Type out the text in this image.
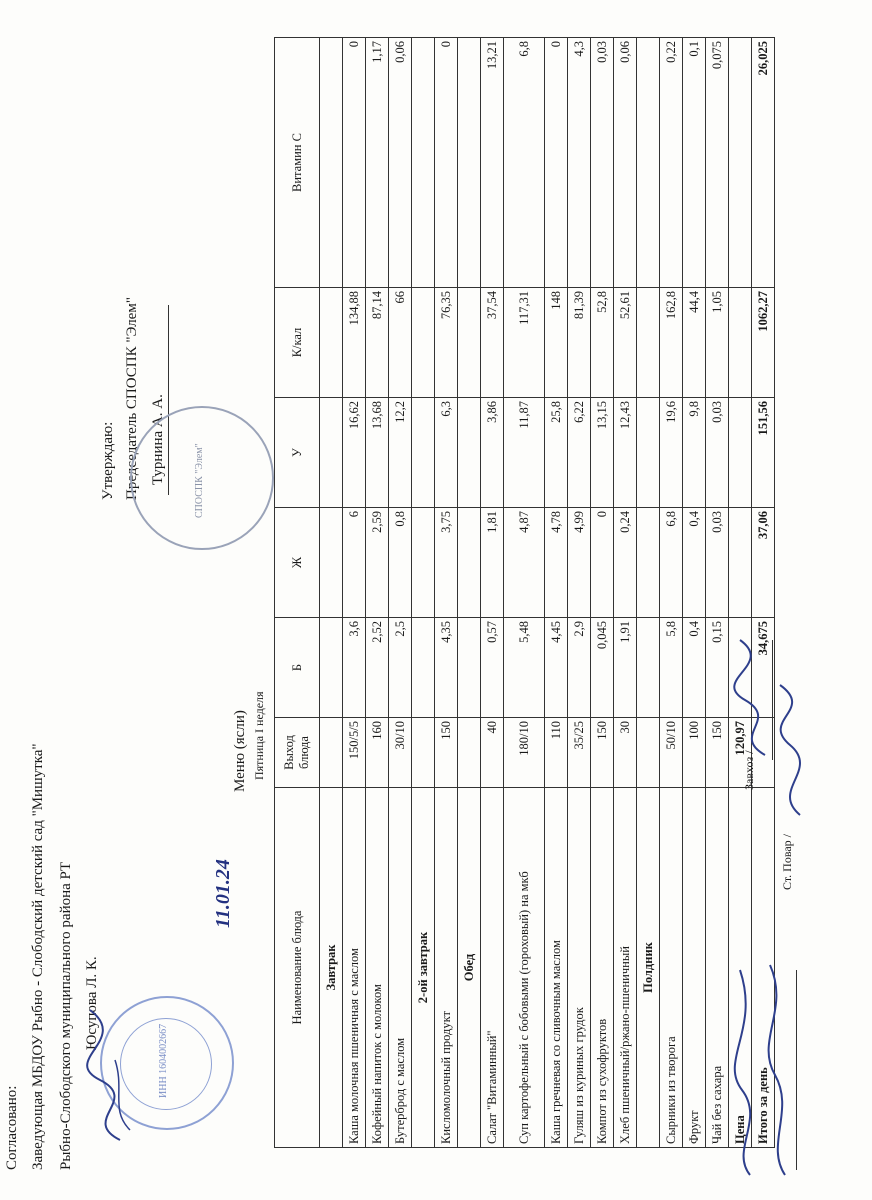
Согласовано: Заведующая МБДОУ Рыбно - Слободский детский сад "Мишутка" Рыбно-Слободского муниципального района РТ Юсупова Л. К.
ИНН 1604002667
Меню (ясли) Пятница I неделя
11.01.24
Утверждаю: Председатель СПОСПК "Элем" Турнина А. А.	СПОСПК "Элем"
Наименование блюда	Выход блюда	Б	Ж	У	К/кал	Витамин С
Завтрак						
Каша молочная пшеничная с маслом	150/5/5	3,6	6	16,62	134,88	0
Кофейный напиток с молоком	160	2,52	2,59	13,68	87,14	1,17
Бутерброд с маслом	30/10	2,5	0,8	12,2	66	0,06
2-ой завтрак						
Кисломолочный продукт	150	4,35	3,75	6,3	76,35	0
Обед						
Салат "Витаминный"	40	0,57	1,81	3,86	37,54	13,21
Суп картофельный с бобовыми (гороховый) на мкб	180/10	5,48	4,87	11,87	117,31	6,8
Каша гречневая со сливочным маслом	110	4,45	4,78	25,8	148	0
Гуляш из куриных грудок	35/25	2,9	4,99	6,22	81,39	4,3
Компот из сухофруктов	150	0,045	0	13,15	52,8	0,03
Хлеб пшеничный/ржано-пшеничный	30	1,91	0,24	12,43	52,61	0,06
Полдник						
Сырники из творога	50/10	5,8	6,8	19,6	162,8	0,22
Фрукт	100	0,4	0,4	9,8	44,4	0,1
Чай без сахара	150	0,15	0,03	0,03	1,05	0,075
Цена	120,97					
Итого за день		34,675	37,06	151,56	1062,27	26,025
Завхоз /
Ст. Повар /
